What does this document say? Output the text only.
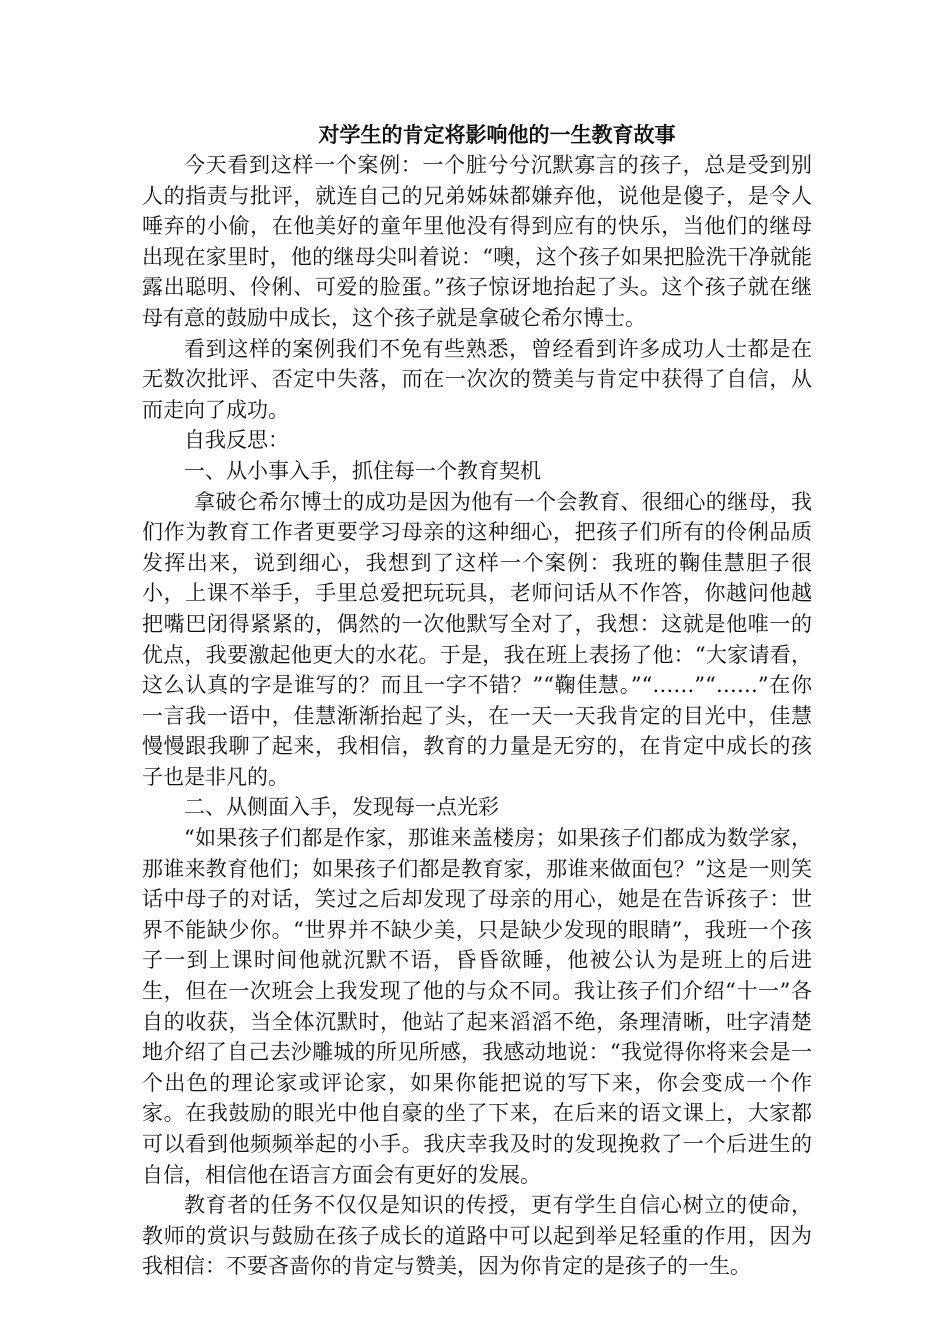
对学生的肯定将影响他的一生教育故事

今天看到这样一个案例：一个脏兮兮沉默寡言的孩子，总是受到别人的指责与批评，就连自己的兄弟姊妹都嫌弃他，说他是傻子，是令人唾弃的小偷，在他美好的童年里他没有得到应有的快乐，当他们的继母出现在家里时，他的继母尖叫着说：“噢，这个孩子如果把脸洗干净就能露出聪明、伶俐、可爱的脸蛋。”孩子惊讶地抬起了头。这个孩子就在继母有意的鼓励中成长，这个孩子就是拿破仑希尔博士。

看到这样的案例我们不免有些熟悉，曾经看到许多成功人士都是在无数次批评、否定中失落，而在一次次的赞美与肯定中获得了自信，从而走向了成功。

自我反思：

一、从小事入手，抓住每一个教育契机

拿破仑希尔博士的成功是因为他有一个会教育、很细心的继母，我们作为教育工作者更要学习母亲的这种细心，把孩子们所有的伶俐品质发挥出来，说到细心，我想到了这样一个案例：我班的鞠佳慧胆子很小，上课不举手，手里总爱把玩玩具，老师问话从不作答，你越问他越把嘴巴闭得紧紧的，偶然的一次他默写全对了，我想：这就是他唯一的优点，我要激起他更大的水花。于是，我在班上表扬了他：“大家请看，这么认真的字是谁写的？而且一字不错？”“鞠佳慧。”“……”“……”在你一言我一语中，佳慧渐渐抬起了头，在一天一天我肯定的目光中，佳慧慢慢跟我聊了起来，我相信，教育的力量是无穷的，在肯定中成长的孩子也是非凡的。

二、从侧面入手，发现每一点光彩

“如果孩子们都是作家，那谁来盖楼房；如果孩子们都成为数学家，那谁来教育他们；如果孩子们都是教育家，那谁来做面包？”这是一则笑话中母子的对话，笑过之后却发现了母亲的用心，她是在告诉孩子：世界不能缺少你。“世界并不缺少美，只是缺少发现的眼睛”，我班一个孩子一到上课时间他就沉默不语，昏昏欲睡，他被公认为是班上的后进生，但在一次班会上我发现了他的与众不同。我让孩子们介绍“十一”各自的收获，当全体沉默时，他站了起来滔滔不绝，条理清晰，吐字清楚地介绍了自己去沙雕城的所见所感，我感动地说：“我觉得你将来会是一个出色的理论家或评论家，如果你能把说的写下来，你会变成一个作家。在我鼓励的眼光中他自豪的坐了下来，在后来的语文课上，大家都可以看到他频频举起的小手。我庆幸我及时的发现挽救了一个后进生的自信，相信他在语言方面会有更好的发展。

教育者的任务不仅仅是知识的传授，更有学生自信心树立的使命，教师的赏识与鼓励在孩子成长的道路中可以起到举足轻重的作用，因为我相信：不要吝啬你的肯定与赞美，因为你肯定的是孩子的一生。
